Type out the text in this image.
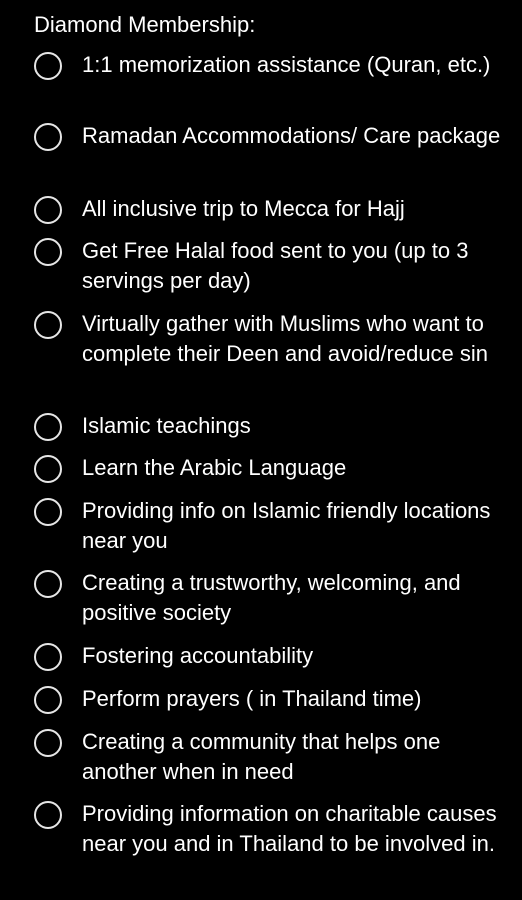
Diamond Membership:
1:1 memorization assistance (Quran, etc.)
Ramadan Accommodations/ Care package
All inclusive trip to Mecca for Hajj
Get Free Halal food sent to you (up to 3 servings per day)
Virtually gather with Muslims who want to complete their Deen and avoid/reduce sin
Islamic teachings
Learn the Arabic Language
Providing info on Islamic friendly locations near you
Creating a trustworthy, welcoming, and positive society
Fostering accountability
Perform prayers ( in Thailand time)
Creating a community that helps one another when in need
Providing information on charitable causes near you and in Thailand to be involved in.
